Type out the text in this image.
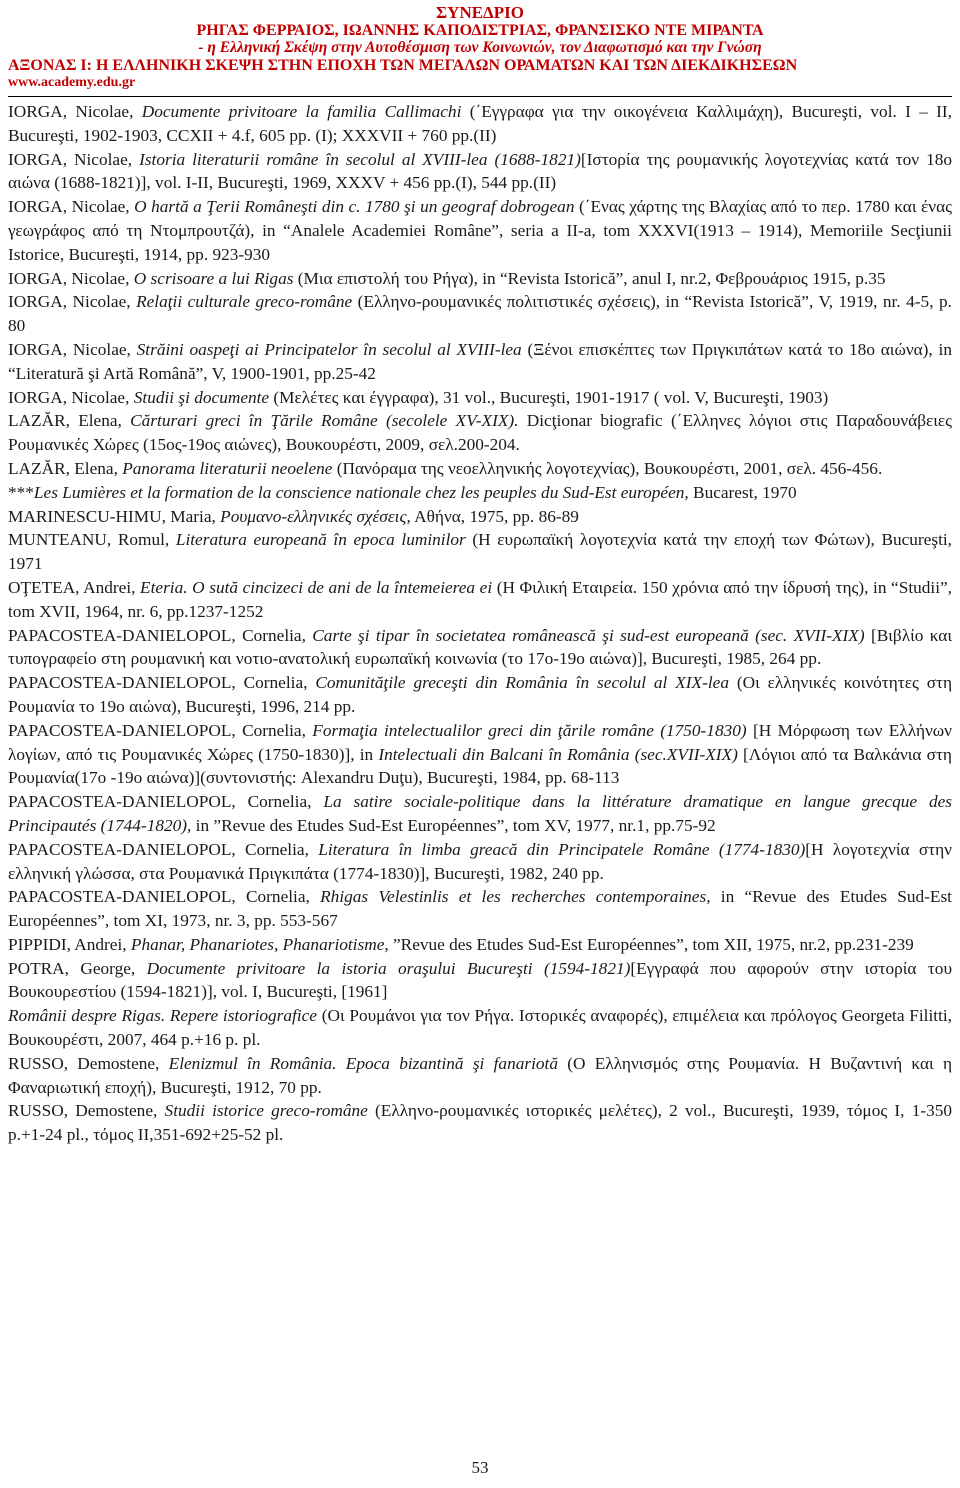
ΣΥΝΕΔΡΙΟ
ΡΗΓΑΣ ΦΕΡΡΑΙΟΣ, ΙΩΑΝΝΗΣ ΚΑΠΟΔΙΣΤΡΙΑΣ, ΦΡΑΝΣΙΣΚΟ ΝΤΕ ΜΙΡΑΝΤΑ
- η Ελληνική Σκέψη στην Αυτοθέσμιση των Κοινωνιών, τον Διαφωτισμό και την Γνώση
ΑΞΟΝΑΣ Ι: Η ΕΛΛΗΝΙΚΗ ΣΚΕΨΗ ΣΤΗΝ ΕΠΟΧΗ ΤΩΝ ΜΕΓΑΛΩΝ ΟΡΑΜΑΤΩΝ ΚΑΙ ΤΩΝ ΔΙΕΚΔΙΚΗΣΕΩΝ
www.academy.edu.gr

IORGA, Nicolae, Documente privitoare la familia Callimachi (΄Εγγραφα για την οικογένεια Καλλιμάχη), Bucureşti, vol. I – II, Bucureşti, 1902-1903, CCXII + 4.f, 605 pp. (I); XXXVII + 760 pp.(II)

IORGA, Nicolae, Istoria literaturii române în secolul al XVIII-lea (1688-1821)[Ιστορία της ρουμανικής λογοτεχνίας κατά τον 18ο αιώνα (1688-1821)], vol. I-II, Bucureşti, 1969, XXXV + 456 pp.(I), 544 pp.(II)

IORGA, Nicolae, O hartă a Ţerii Româneşti din c. 1780 şi un geograf dobrogean (΄Ενας χάρτης της Βλαχίας από το περ. 1780 και ένας γεωγράφος από τη Ντομπρουτζά), in “Analele Academiei Române”, seria a II-a, tom XXXVI(1913 – 1914), Memoriile Secţiunii Istorice, Bucureşti, 1914, pp. 923-930

IORGA, Nicolae, O scrisoare a lui Rigas (Μια επιστολή του Ρήγα), in “Revista Istorică”, anul I, nr.2, Φεβρουάριος 1915, p.35

IORGA, Nicolae, Relaţii culturale greco-române (Ελληνο-ρουμανικές πολιτιστικές σχέσεις), in “Revista Istorică”, V, 1919, nr. 4-5, p. 80

IORGA, Nicolae, Străini oaspeţi ai Principatelor în secolul al XVIII-lea (Ξένοι επισκέπτες των Πριγκιπάτων κατά το 18ο αιώνα), in “Literatură şi Artă Română”, V, 1900-1901, pp.25-42

IORGA, Nicolae, Studii şi documente (Μελέτες και έγγραφα), 31 vol., Bucureşti, 1901-1917 ( vol. V, Bucureşti, 1903)

LAZĂR, Elena, Cărturari greci în Ţările Române (secolele XV-XIX). Dicţionar biografic (΄Ελληνες λόγιοι στις Παραδουνάβειες Ρουμανικές Χώρες (15ος-19ος αιώνες), Βουκουρέστι, 2009, σελ.200-204.

LAZĂR, Elena, Panorama literaturii neoelene (Πανόραμα της νεοελληνικής λογοτεχνίας), Βουκουρέστι, 2001, σελ. 456-456.

***Les Lumières et la formation de la conscience nationale chez les peuples du Sud-Est européen, Bucarest, 1970

MARINESCU-HIMU, Maria, Ρουμανο-ελληνικές σχέσεις, Αθήνα, 1975, pp. 86-89

MUNTEANU, Romul, Literatura europeană în epoca luminilor (Η ευρωπαϊκή λογοτεχνία κατά την εποχή των Φώτων), Bucureşti, 1971

OŢETEA, Andrei, Eteria. O sută cincizeci de ani de la întemeierea ei (Η Φιλική Εταιρεία. 150 χρόνια από την ίδρυσή της), in “Studii”, tom XVII, 1964, nr. 6, pp.1237-1252

PAPACOSTEA-DANIELOPOL, Cornelia, Carte şi tipar în societatea românească şi sud-est europeană (sec. XVII-XIX) [Βιβλίο και τυπογραφείο στη ρουμανική και νοτιο-ανατολική ευρωπαϊκή κοινωνία (το 17ο-19ο αιώνα)], Bucureşti, 1985, 264 pp.

PAPACOSTEA-DANIELOPOL, Cornelia, Comunităţile greceşti din România în secolul al XIX-lea (Οι ελληνικές κοινότητες στη Ρουμανία το 19ο αιώνα), Bucureşti, 1996, 214 pp.

PAPACOSTEA-DANIELOPOL, Cornelia, Formaţia intelectualilor greci din ţările române (1750-1830) [Η Μόρφωση των Ελλήνων λογίων, από τις Ρουμανικές Χώρες (1750-1830)], in Intelectuali din Balcani în România (sec.XVII-XIX) [Λόγιοι από τα Βαλκάνια στη Ρουμανία(17ο -19ο αιώνα)](συντονιστής: Alexandru Duţu), Bucureşti, 1984, pp. 68-113

PAPACOSTEA-DANIELOPOL, Cornelia, La satire sociale-politique dans la littérature dramatique en langue grecque des Principautés (1744-1820), in ”Revue des Etudes Sud-Est Européennes”, tom XV, 1977, nr.1, pp.75-92

PAPACOSTEA-DANIELOPOL, Cornelia, Literatura în limba greacă din Principatele Române (1774-1830)[Η λογοτεχνία στην ελληνική γλώσσα, στα Ρουμανικά Πριγκιπάτα (1774-1830)], Bucureşti, 1982, 240 pp.

PAPACOSTEA-DANIELOPOL, Cornelia, Rhigas Velestinlis et les recherches contemporaines, in “Revue des Etudes Sud-Est Européennes”, tom XI, 1973, nr. 3, pp. 553-567

PIPPIDI, Andrei, Phanar, Phanariotes, Phanariotisme, ”Revue des Etudes Sud-Est Européennes”, tom XII, 1975, nr.2, pp.231-239

POTRA, George, Documente privitoare la istoria oraşului Bucureşti (1594-1821)[Εγγραφά που αφορούν στην ιστορία του Βουκουρεστίου (1594-1821)], vol. I, Bucureşti, [1961]

Românii despre Rigas. Repere istoriografice (Οι Ρουμάνοι για τον Ρήγα. Ιστορικές αναφορές), επιμέλεια και πρόλογος Georgeta Filitti, Βουκουρέστι, 2007, 464 p.+16 p. pl.

RUSSO, Demostene, Elenizmul în România. Epoca bizantină şi fanariotă (Ο Ελληνισμός στης Ρουμανία. Η Βυζαντινή και η Φαναριωτική εποχή), Bucureşti, 1912, 70 pp.

RUSSO, Demostene, Studii istorice greco-române (Ελληνο-ρουμανικές ιστορικές μελέτες), 2 vol., Bucureşti, 1939, τόμος I, 1-350 p.+1-24 pl., τόμος II,351-692+25-52 pl.

53
